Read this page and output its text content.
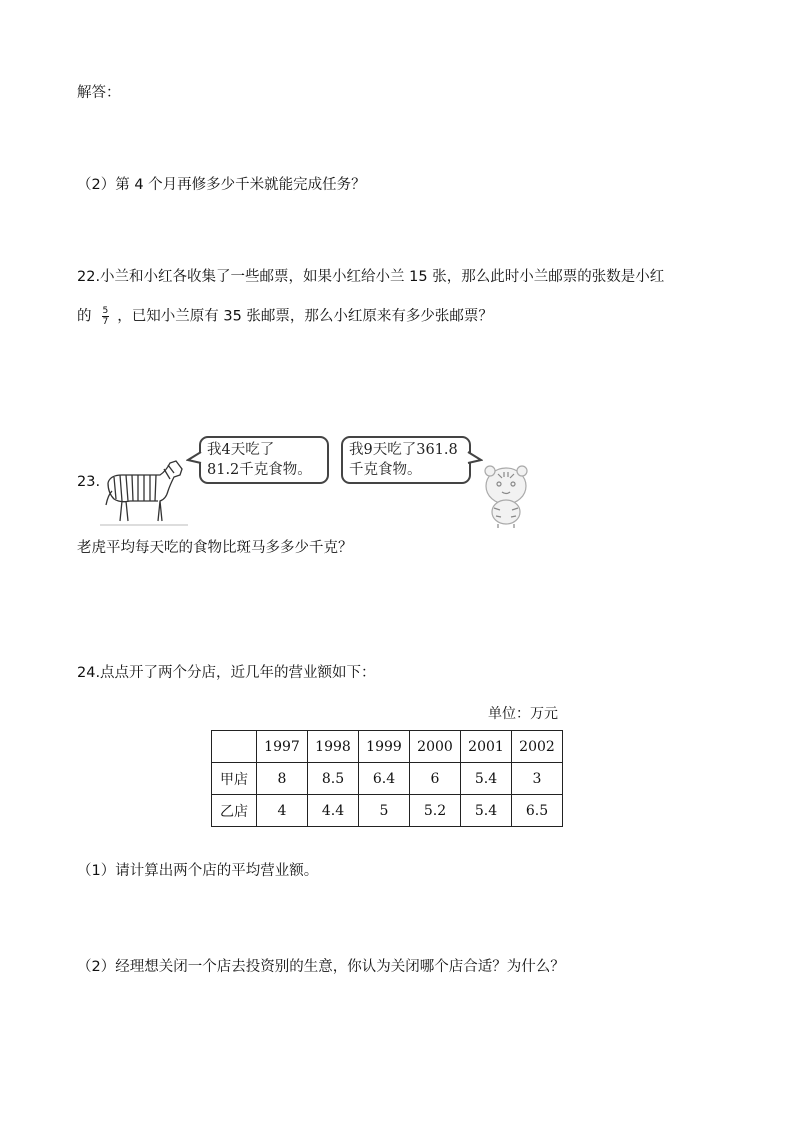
解答：
（2）第 4 个月再修多少千米就能完成任务？
22.小兰和小红各收集了一些邮票，如果小红给小兰 15 张，那么此时小兰邮票的张数是小红
的 $\frac{5}{7}$ ，已知小兰原有 35 张邮票，那么小红原来有多少张邮票？
23.
我4天吃了
81.2千克食物。
我9天吃了361.8
千克食物。
老虎平均每天吃的食物比斑马多多少千克？
24.点点开了两个分店，近几年的营业额如下：
单位：万元
	1997	1998	1999	2000	2001	2002
甲店	8	8.5	6.4	6	5.4	3
乙店	4	4.4	5	5.2	5.4	6.5
（1）请计算出两个店的平均营业额。
（2）经理想关闭一个店去投资别的生意，你认为关闭哪个店合适？为什么？
